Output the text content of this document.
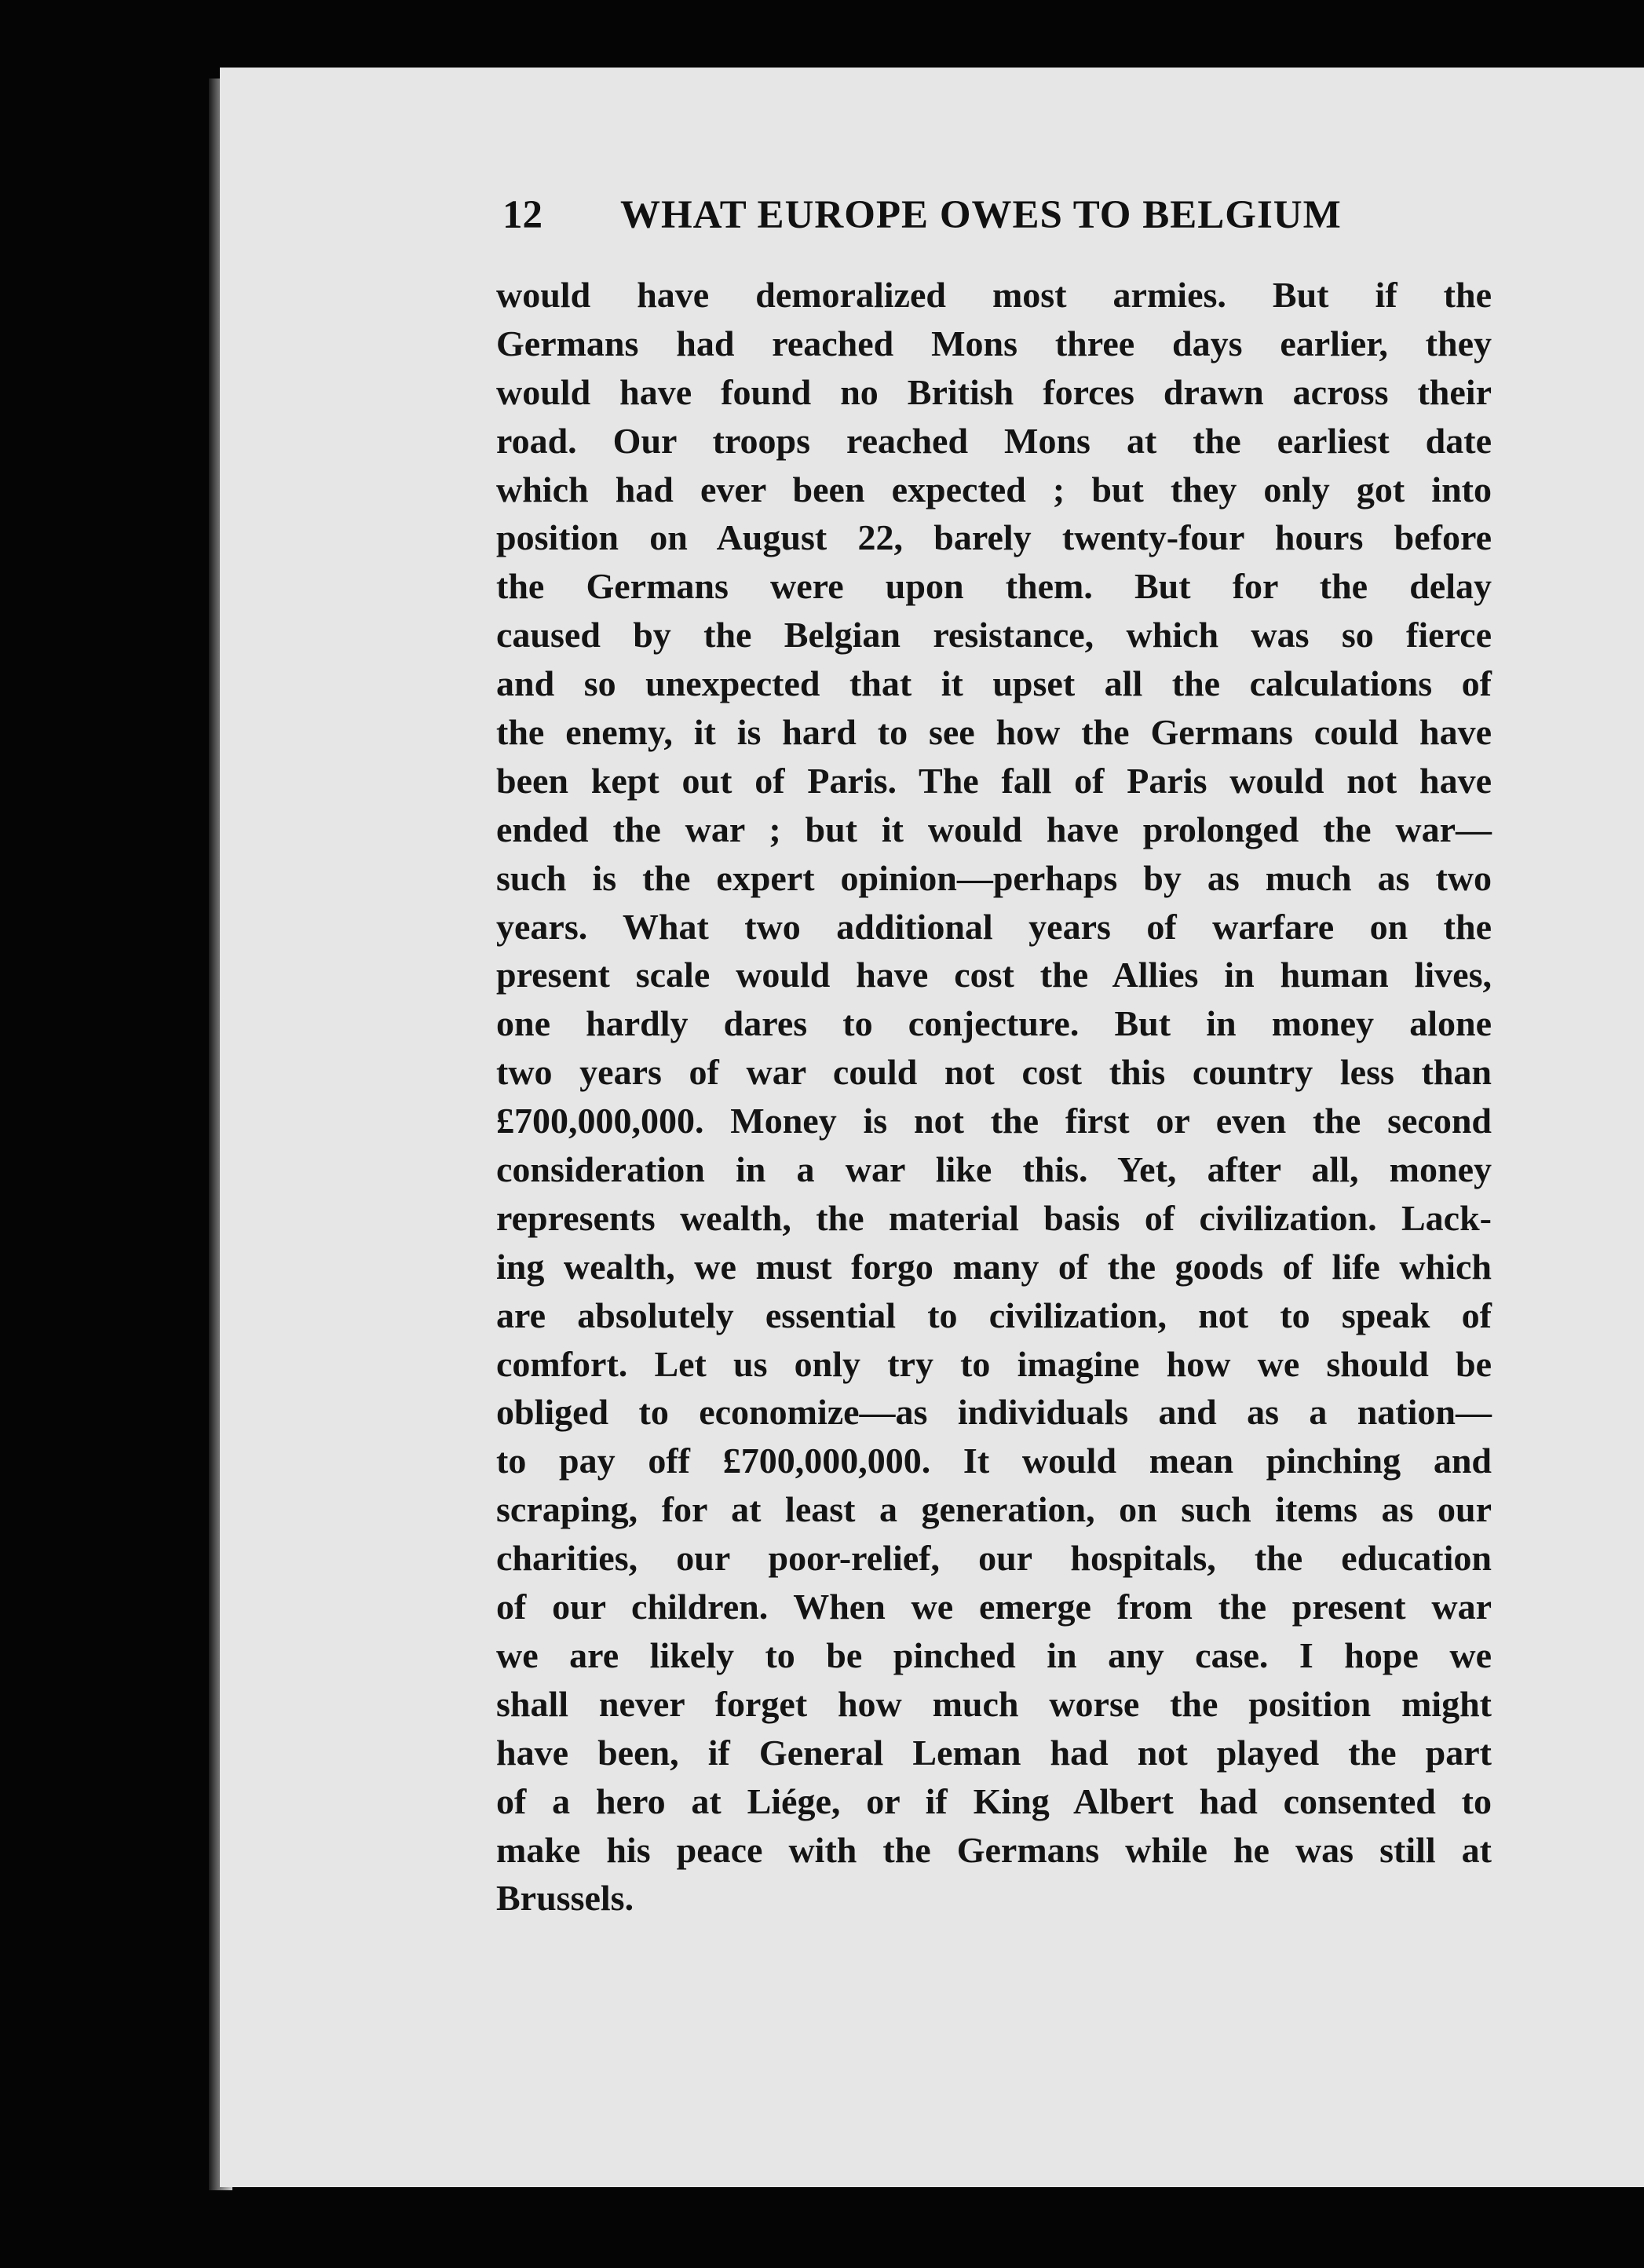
12 WHAT EUROPE OWES TO BELGIUM
would have demoralized most armies. But if the
Germans had reached Mons three days earlier, they
would have found no British forces drawn across their
road. Our troops reached Mons at the earliest date
which had ever been expected ; but they only got into
position on August 22, barely twenty-four hours before
the Germans were upon them. But for the delay
caused by the Belgian resistance, which was so fierce
and so unexpected that it upset all the calculations of
the enemy, it is hard to see how the Germans could have
been kept out of Paris. The fall of Paris would not have
ended the war ; but it would have prolonged the war—
such is the expert opinion—perhaps by as much as two
years. What two additional years of warfare on the
present scale would have cost the Allies in human lives,
one hardly dares to conjecture. But in money alone
two years of war could not cost this country less than
£700,000,000. Money is not the first or even the second
consideration in a war like this. Yet, after all, money
represents wealth, the material basis of civilization. Lack-
ing wealth, we must forgo many of the goods of life which
are absolutely essential to civilization, not to speak of
comfort. Let us only try to imagine how we should be
obliged to economize—as individuals and as a nation—
to pay off £700,000,000. It would mean pinching and
scraping, for at least a generation, on such items as our
charities, our poor-relief, our hospitals, the education
of our children. When we emerge from the present war
we are likely to be pinched in any case. I hope we
shall never forget how much worse the position might
have been, if General Leman had not played the part
of a hero at Liége, or if King Albert had consented to
make his peace with the Germans while he was still at
Brussels.
